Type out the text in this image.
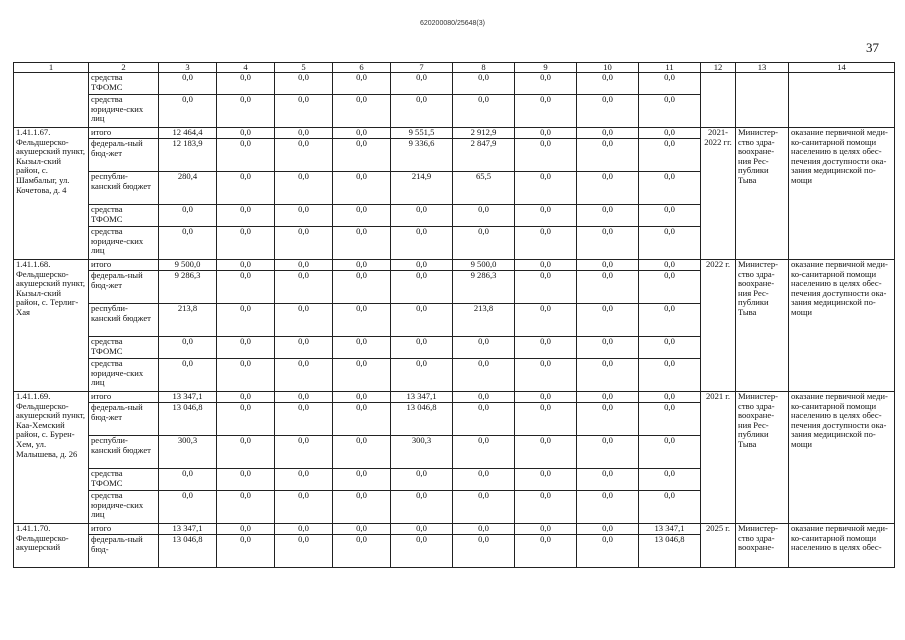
620200080/25648(3)
37
1	2	3	4	5	6	7	8	9	10	11	12	13	14
	средства ТФОМС	0,0	0,0	0,0	0,0	0,0	0,0	0,0	0,0	0,0			
	средства юридиче-ских лиц	0,0	0,0	0,0	0,0	0,0	0,0	0,0	0,0	0,0			
1.41.1.67. Фельдшерско-акушерский пункт, Кызыл-ский район, с. Шамбалыг, ул. Кочетова, д. 4	итого	12 464,4	0,0	0,0	0,0	9 551,5	2 912,9	0,0	0,0	0,0	2021-2022 гг.	Министер-ство здра-воохране-ния Рес-публики Тыва	оказание первичной меди-ко-санитарной помощи населению в целях обес-печения доступности ока-зания медицинской по-мощи
	федераль-ный бюд-жет	12 183,9	0,0	0,0	0,0	9 336,6	2 847,9	0,0	0,0	0,0			
	республи-канский бюджет	280,4	0,0	0,0	0,0	214,9	65,5	0,0	0,0	0,0			
	средства ТФОМС	0,0	0,0	0,0	0,0	0,0	0,0	0,0	0,0	0,0			
	средства юридиче-ских лиц	0,0	0,0	0,0	0,0	0,0	0,0	0,0	0,0	0,0			
1.41.1.68. Фельдшерско-акушерский пункт, Кызыл-ский район, с. Терлиг-Хая	итого	9 500,0	0,0	0,0	0,0	0,0	9 500,0	0,0	0,0	0,0	2022 г.	Министер-ство здра-воохране-ния Рес-публики Тыва	оказание первичной меди-ко-санитарной помощи населению в целях обес-печения доступности ока-зания медицинской по-мощи
	федераль-ный бюд-жет	9 286,3	0,0	0,0	0,0	0,0	9 286,3	0,0	0,0	0,0			
	республи-канский бюджет	213,8	0,0	0,0	0,0	0,0	213,8	0,0	0,0	0,0			
	средства ТФОМС	0,0	0,0	0,0	0,0	0,0	0,0	0,0	0,0	0,0			
	средства юридиче-ских лиц	0,0	0,0	0,0	0,0	0,0	0,0	0,0	0,0	0,0			
1.41.1.69. Фельдшерско-акушерский пункт, Каа-Хемский район, с. Бурен-Хем, ул. Малышева, д. 26	итого	13 347,1	0,0	0,0	0,0	13 347,1	0,0	0,0	0,0	0,0	2021 г.	Министер-ство здра-воохране-ния Рес-публики Тыва	оказание первичной меди-ко-санитарной помощи населению в целях обес-печения доступности ока-зания медицинской по-мощи
	федераль-ный бюд-жет	13 046,8	0,0	0,0	0,0	13 046,8	0,0	0,0	0,0	0,0			
	республи-канский бюджет	300,3	0,0	0,0	0,0	300,3	0,0	0,0	0,0	0,0			
	средства ТФОМС	0,0	0,0	0,0	0,0	0,0	0,0	0,0	0,0	0,0			
	средства юридиче-ских лиц	0,0	0,0	0,0	0,0	0,0	0,0	0,0	0,0	0,0			
1.41.1.70. Фельдшерско-акушерский	итого	13 347,1	0,0	0,0	0,0	0,0	0,0	0,0	0,0	13 347,1	2025 г.	Министер-ство здра-воохране-	оказание первичной меди-ко-санитарной помощи населению в целях обес-
	федераль-ный бюд-	13 046,8	0,0	0,0	0,0	0,0	0,0	0,0	0,0	13 046,8			
